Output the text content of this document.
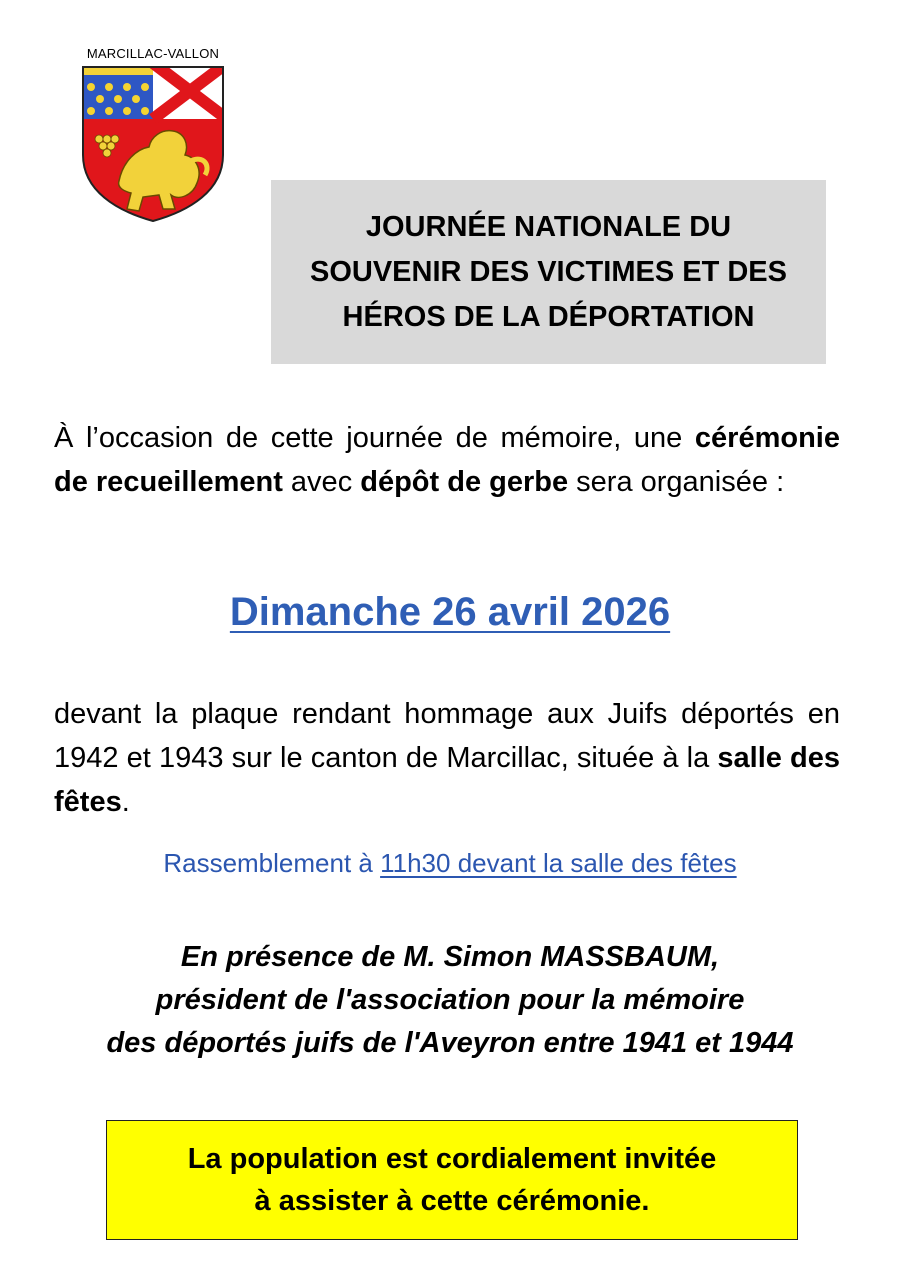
MARCILLAC-VALLON
JOURNÉE NATIONALE DU
SOUVENIR DES VICTIMES ET DES
HÉROS DE LA DÉPORTATION

À l’occasion de cette journée de mémoire, une cérémonie de recueillement avec dépôt de gerbe sera organisée :

Dimanche 26 avril 2026

devant la plaque rendant hommage aux Juifs déportés en 1942 et 1943 sur le canton de Marcillac, située à la salle des fêtes.

Rassemblement à 11h30 devant la salle des fêtes
En présence de M. Simon MASSBAUM,
président de l'association pour la mémoire
des déportés juifs de l'Aveyron entre 1941 et 1944
La population est cordialement invitée
à assister à cette cérémonie.
